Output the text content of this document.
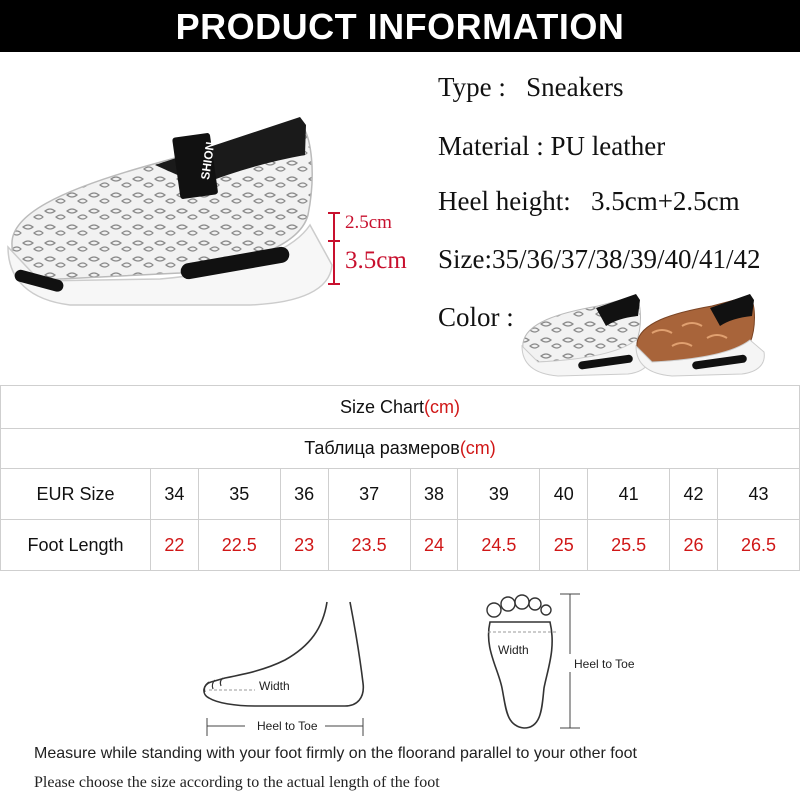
PRODUCT INFORMATION
SHION
2.5cm
3.5cm
Type :   Sneakers
Material : PU leather
Heel height:   3.5cm+2.5cm
Size:35/36/37/38/39/40/41/42
Color :
Size Chart(cm)										
Таблица размеров(cm)										
EUR Size	34	35	36	37	38	39	40	41	42	43
Foot Length	22	22.5	23	23.5	24	24.5	25	25.5	26	26.5
Width
Heel to Toe
Width
Heel to Toe
Measure while standing with your foot firmly on the floorand parallel to your other foot
Please choose the size according to the actual length of the foot
